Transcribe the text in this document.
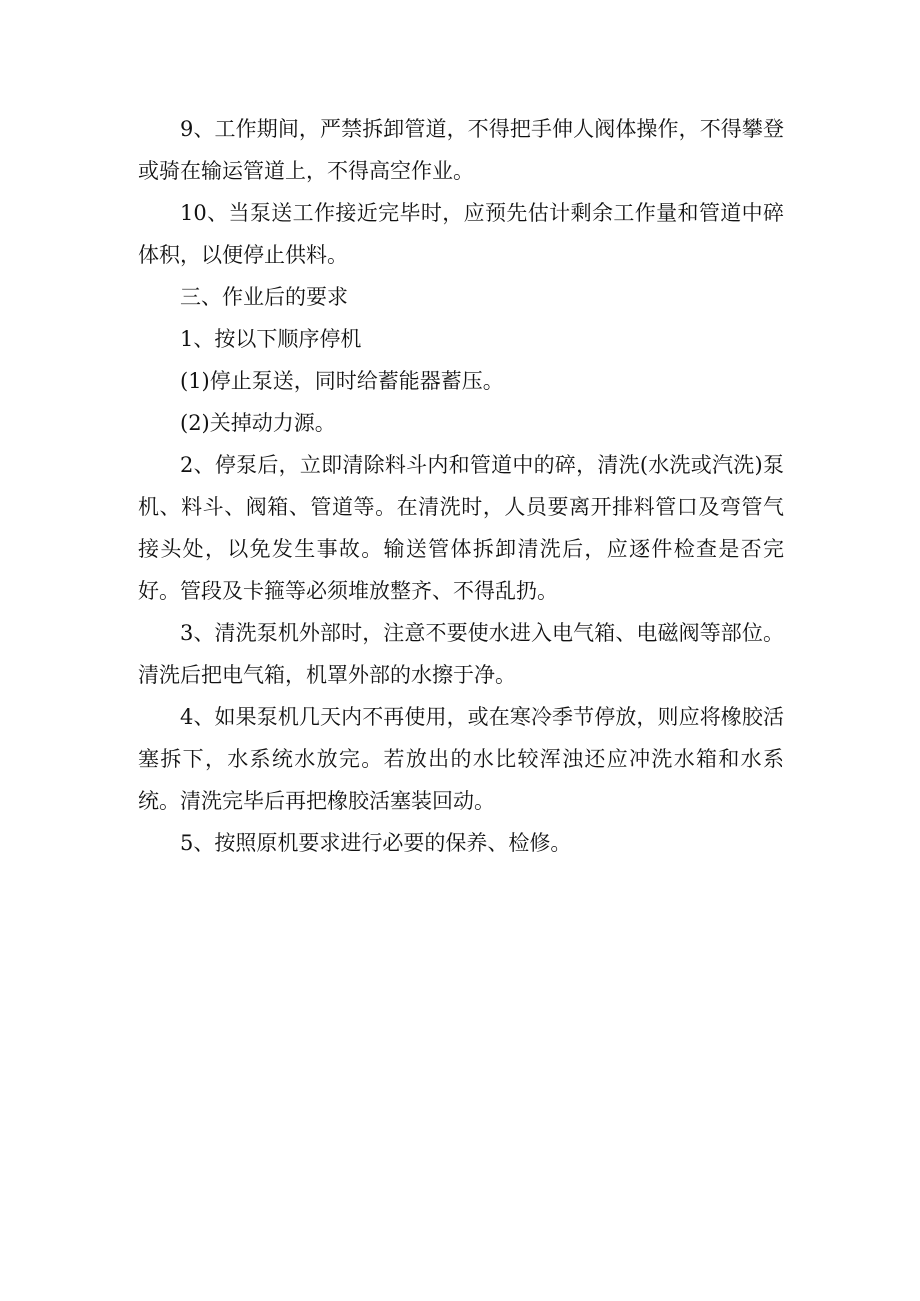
9、工作期间，严禁拆卸管道，不得把手伸人阀体操作，不得攀登或骑在输运管道上，不得高空作业。

10、当泵送工作接近完毕时，应预先估计剩余工作量和管道中碎体积，以便停止供料。

三、作业后的要求

1、按以下顺序停机

(1)停止泵送，同时给蓄能器蓄压。

(2)关掉动力源。

2、停泵后，立即清除料斗内和管道中的碎，清洗(水洗或汽洗)泵机、料斗、阀箱、管道等。在清洗时，人员要离开排料管口及弯管气接头处，以免发生事故。输送管体拆卸清洗后，应逐件检查是否完好。管段及卡箍等必须堆放整齐、不得乱扔。

3、清洗泵机外部时，注意不要使水进入电气箱、电磁阀等部位。清洗后把电气箱，机罩外部的水擦于净。

4、如果泵机几天内不再使用，或在寒冷季节停放，则应将橡胶活塞拆下，水系统水放完。若放出的水比较浑浊还应冲洗水箱和水系统。清洗完毕后再把橡胶活塞装回动。

5、按照原机要求进行必要的保养、检修。
